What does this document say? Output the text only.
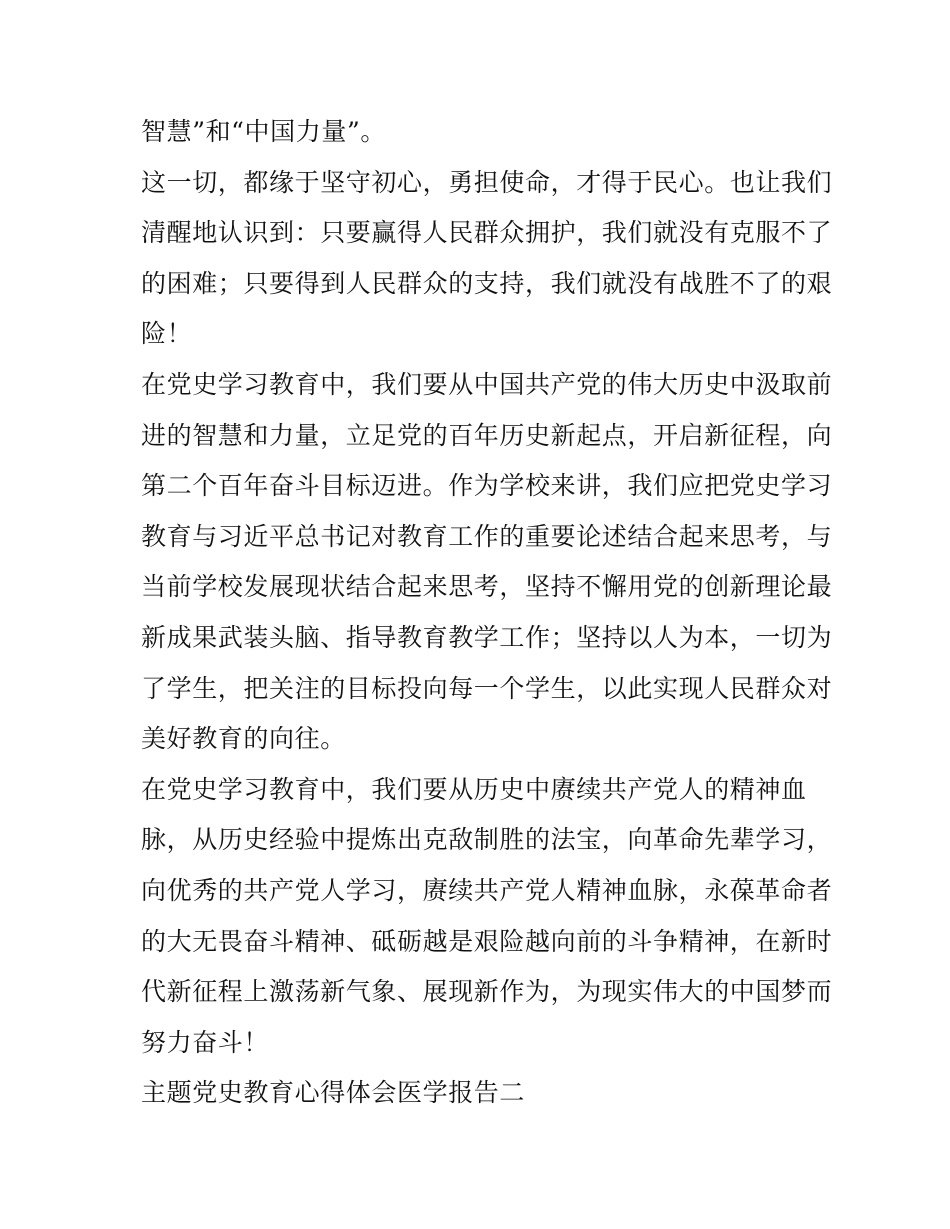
智慧”和“中国力量”。
这一切，都缘于坚守初心，勇担使命，才得于民心。也让我们
清醒地认识到：只要赢得人民群众拥护，我们就没有克服不了
的困难；只要得到人民群众的支持，我们就没有战胜不了的艰
险！
在党史学习教育中，我们要从中国共产党的伟大历史中汲取前
进的智慧和力量，立足党的百年历史新起点，开启新征程，向
第二个百年奋斗目标迈进。作为学校来讲，我们应把党史学习
教育与习近平总书记对教育工作的重要论述结合起来思考，与
当前学校发展现状结合起来思考，坚持不懈用党的创新理论最
新成果武装头脑、指导教育教学工作；坚持以人为本，一切为
了学生，把关注的目标投向每一个学生，以此实现人民群众对
美好教育的向往。
在党史学习教育中，我们要从历史中赓续共产党人的精神血
脉，从历史经验中提炼出克敌制胜的法宝，向革命先辈学习，
向优秀的共产党人学习，赓续共产党人精神血脉，永葆革命者
的大无畏奋斗精神、砥砺越是艰险越向前的斗争精神，在新时
代新征程上激荡新气象、展现新作为，为现实伟大的中国梦而
努力奋斗！
主题党史教育心得体会医学报告二
